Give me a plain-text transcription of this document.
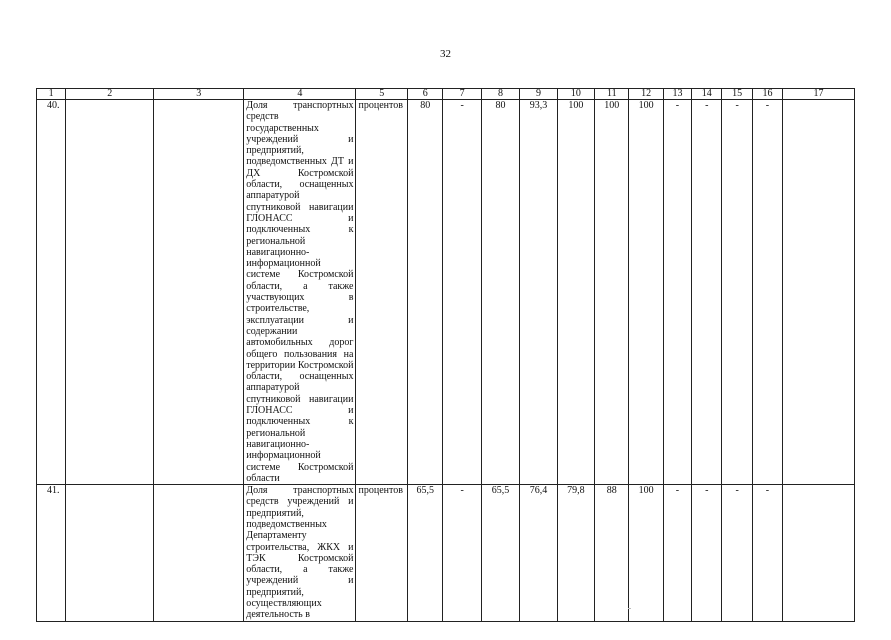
32
1	2	3	4	5	6	7	8	9	10	11	12	13	14	15	16	17
40.			Доля транспортных средств государственных учреждений и предприятий, подведомственных ДТ и ДХ Костромской области, оснащенных аппаратурой спутниковой навигации ГЛОНАСС и подключенных к региональной навигационно-информационной системе Костромской области, а также участвующих в строительстве, эксплуатации и содержании автомобильных дорог общего пользования на территории Костромской области, оснащенных аппаратурой спутниковой навигации ГЛОНАСС и подключенных к региональной навигационно-информационной системе Костромской области	процентов	80	-	80	93,3	100	100	100	-	-	-	-	
41.			Доля транспортных средств учреждений и предприятий, подведомственных Департаменту строительства, ЖКХ и ТЭК Костромской области, а также учреждений и предприятий, осуществляющих деятельность в	процентов	65,5	-	65,5	76,4	79,8	88	100	-	-	-	-	
